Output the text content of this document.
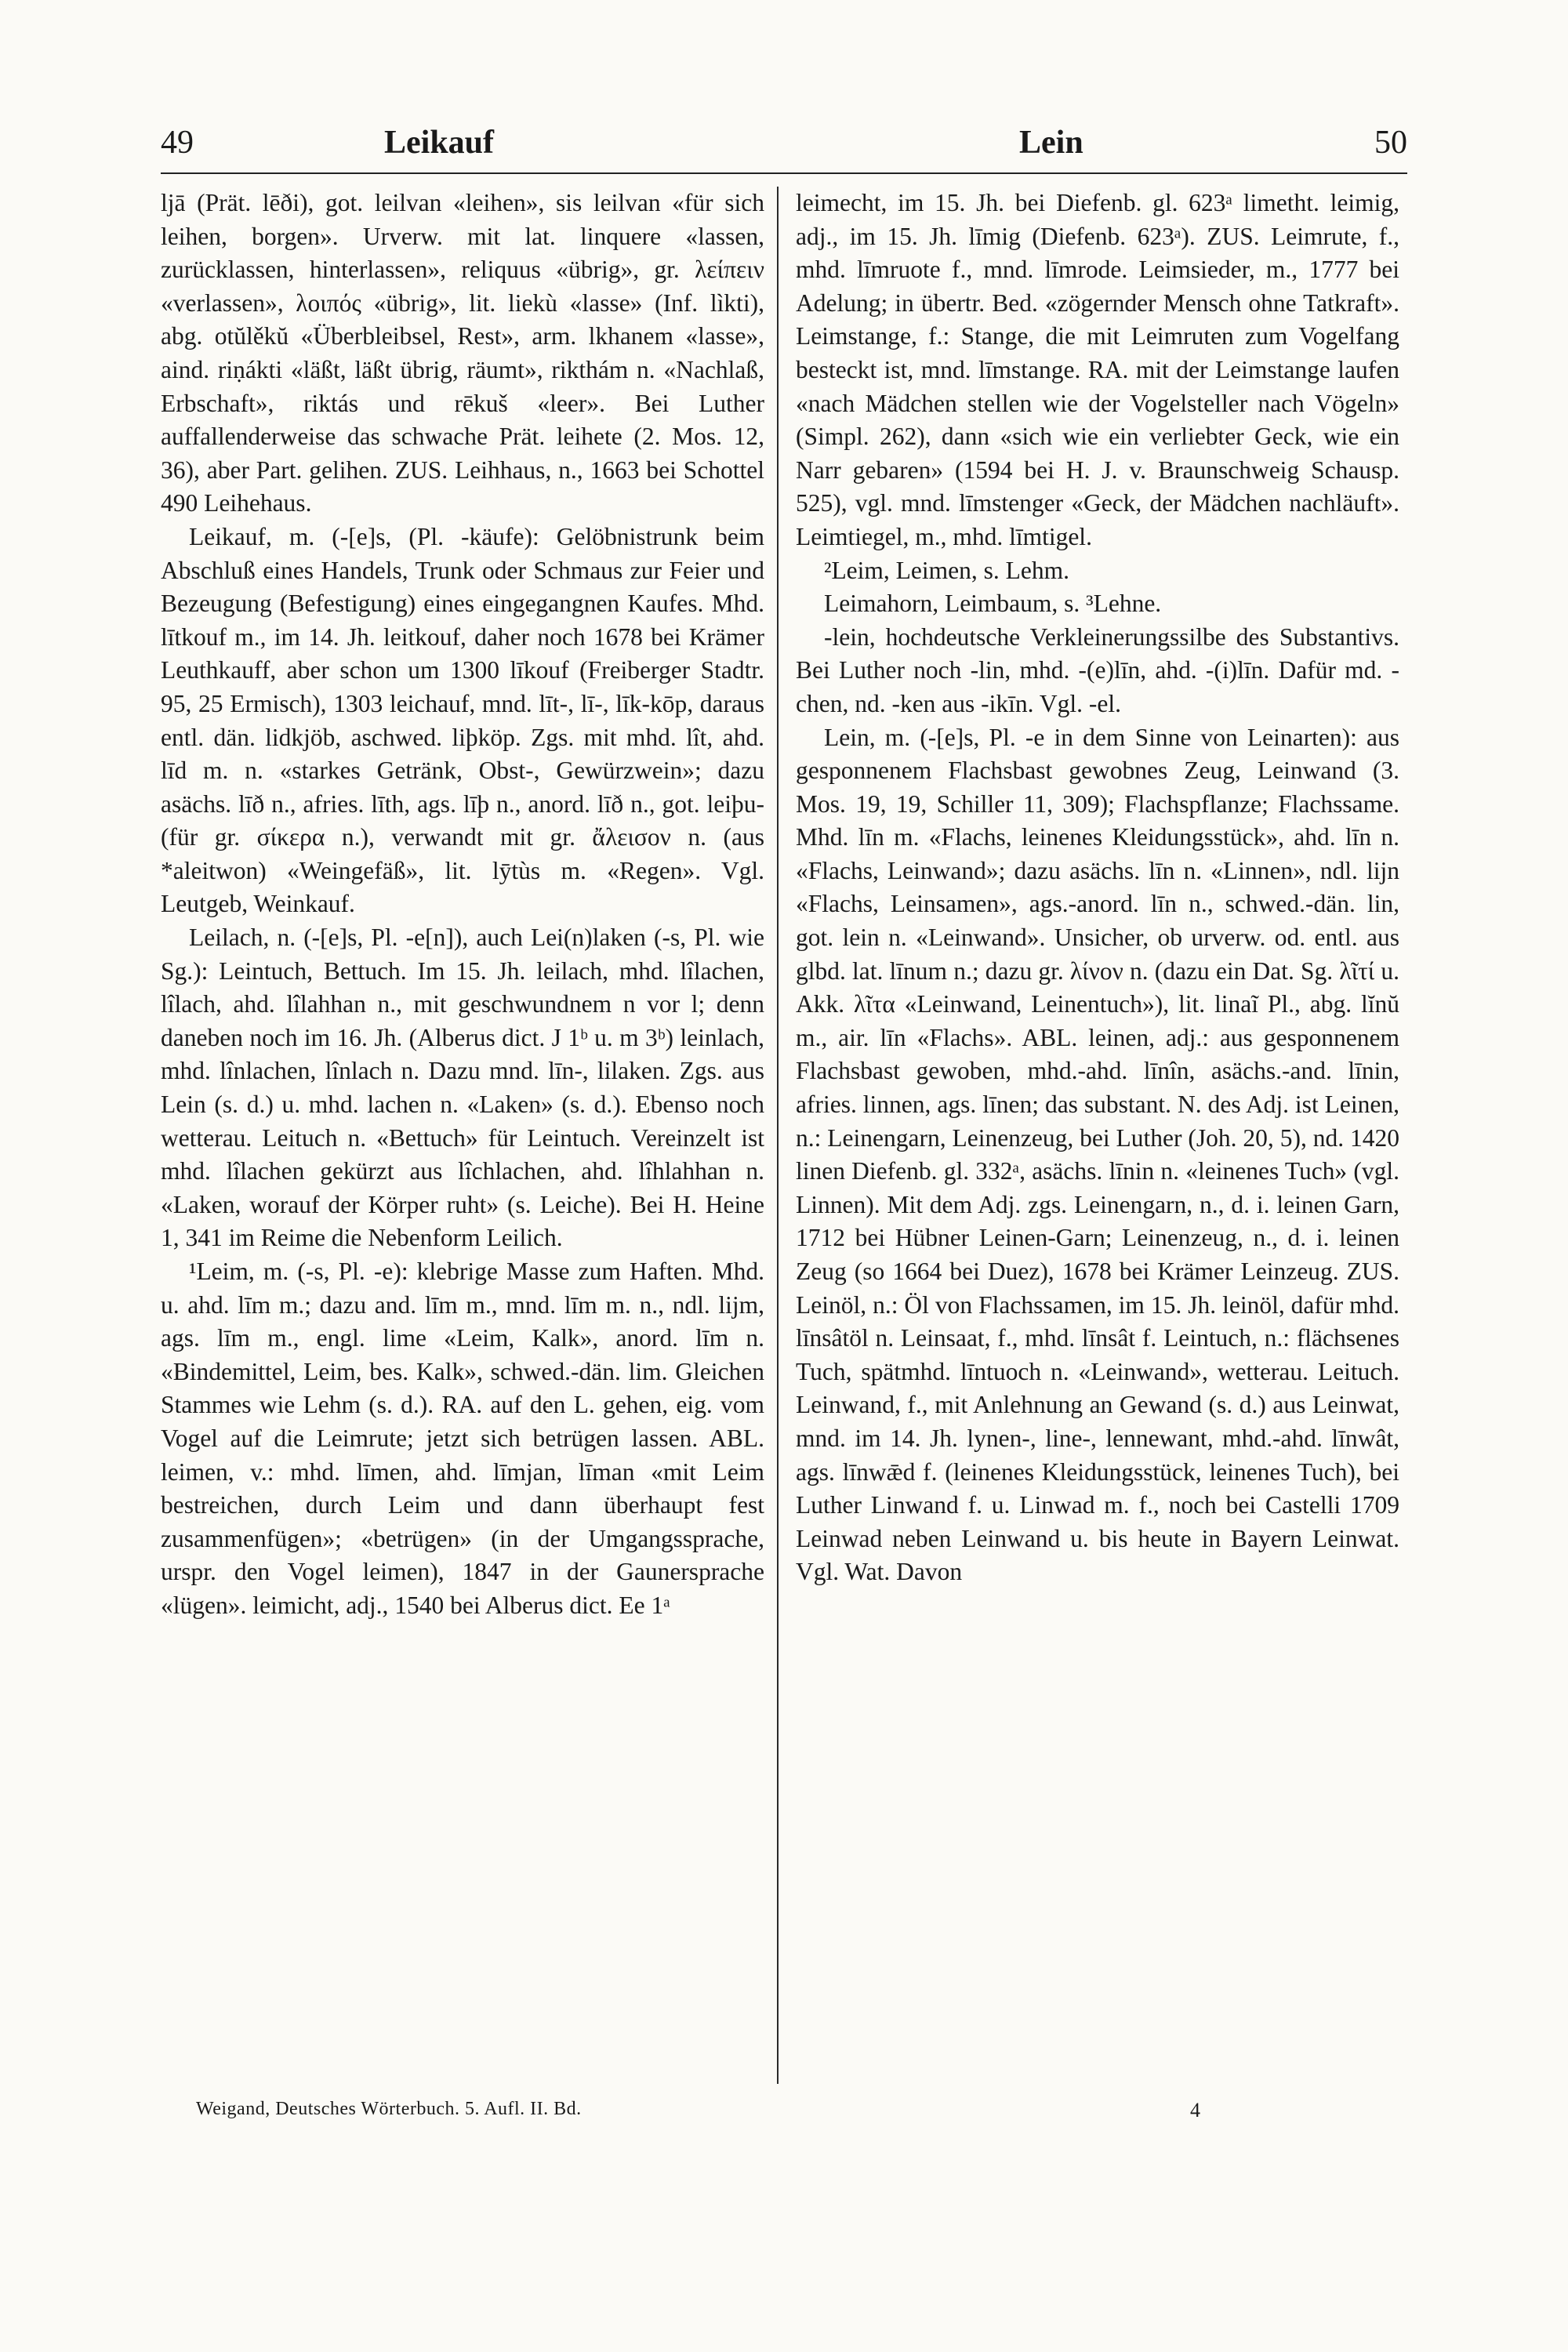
49	Leikauf	Lein	50

ljā (Prät. lēði), got. leilvan «leihen», sis leilvan «für sich leihen, borgen». Urverw. mit lat. linquere «lassen, zurücklassen, hinterlassen», reliquus «übrig», gr. λείπειν «verlassen», λοιπός «übrig», lit. liekù «lasse» (Inf. lìkti), abg. otŭlěkŭ «Überbleibsel, Rest», arm. lkhanem «lasse», aind. riṇákti «läßt, läßt übrig, räumt», rikthám n. «Nachlaß, Erbschaft», riktás und rēkuš «leer». Bei Luther auffallenderweise das schwache Prät. leihete (2. Mos. 12, 36), aber Part. gelihen. ZUS. Leihhaus, n., 1663 bei Schottel 490 Leihehaus.

Leikauf, m. (-[e]s, (Pl. -käufe): Gelöbnistrunk beim Abschluß eines Handels, Trunk oder Schmaus zur Feier und Bezeugung (Befestigung) eines eingegangnen Kaufes. Mhd. lītkouf m., im 14. Jh. leitkouf, daher noch 1678 bei Krämer Leuthkauff, aber schon um 1300 līkouf (Freiberger Stadtr. 95, 25 Ermisch), 1303 leichauf, mnd. līt-, lī-, līk-kōp, daraus entl. dän. lidkjöb, aschwed. liþköp. Zgs. mit mhd. lît, ahd. līd m. n. «starkes Getränk, Obst-, Gewürzwein»; dazu asächs. līð n., afries. līth, ags. līþ n., anord. līð n., got. leiþu- (für gr. σίκερα n.), verwandt mit gr. ἄλεισον n. (aus *aleitwon) «Weingefäß», lit. lȳtùs m. «Regen». Vgl. Leutgeb, Weinkauf.

Leilach, n. (-[e]s, Pl. -e[n]), auch Lei(n)laken (-s, Pl. wie Sg.): Leintuch, Bettuch. Im 15. Jh. leilach, mhd. lîlachen, lîlach, ahd. lîlahhan n., mit geschwundnem n vor l; denn daneben noch im 16. Jh. (Alberus dict. J 1ᵇ u. m 3ᵇ) leinlach, mhd. lînlachen, lînlach n. Dazu mnd. līn-, lilaken. Zgs. aus Lein (s. d.) u. mhd. lachen n. «Laken» (s. d.). Ebenso noch wetterau. Leituch n. «Bettuch» für Leintuch. Vereinzelt ist mhd. lîlachen gekürzt aus lîchlachen, ahd. lîhlahhan n. «Laken, worauf der Körper ruht» (s. Leiche). Bei H. Heine 1, 341 im Reime die Nebenform Leilich.

¹Leim, m. (-s, Pl. -e): klebrige Masse zum Haften. Mhd. u. ahd. līm m.; dazu and. līm m., mnd. līm m. n., ndl. lijm, ags. līm m., engl. lime «Leim, Kalk», anord. līm n. «Bindemittel, Leim, bes. Kalk», schwed.-dän. lim. Gleichen Stammes wie Lehm (s. d.). RA. auf den L. gehen, eig. vom Vogel auf die Leimrute; jetzt sich betrügen lassen. ABL. leimen, v.: mhd. līmen, ahd. līmjan, līman «mit Leim bestreichen, durch Leim und dann überhaupt fest zusammenfügen»; «betrügen» (in der Umgangssprache, urspr. den Vogel leimen), 1847 in der Gaunersprache «lügen». leimicht, adj., 1540 bei Alberus dict. Ee 1ᵃ

leimecht, im 15. Jh. bei Diefenb. gl. 623ᵃ limetht. leimig, adj., im 15. Jh. līmig (Diefenb. 623ᵃ). ZUS. Leimrute, f., mhd. līmruote f., mnd. līmrode. Leimsieder, m., 1777 bei Adelung; in übertr. Bed. «zögernder Mensch ohne Tatkraft». Leimstange, f.: Stange, die mit Leimruten zum Vogelfang besteckt ist, mnd. līmstange. RA. mit der Leimstange laufen «nach Mädchen stellen wie der Vogelsteller nach Vögeln» (Simpl. 262), dann «sich wie ein verliebter Geck, wie ein Narr gebaren» (1594 bei H. J. v. Braunschweig Schausp. 525), vgl. mnd. līmstenger «Geck, der Mädchen nachläuft». Leimtiegel, m., mhd. līmtigel.

²Leim, Leimen, s. Lehm.

Leimahorn, Leimbaum, s. ³Lehne.

-lein, hochdeutsche Verkleinerungssilbe des Substantivs. Bei Luther noch -lin, mhd. -(e)līn, ahd. -(i)līn. Dafür md. -chen, nd. -ken aus -ikīn. Vgl. -el.

Lein, m. (-[e]s, Pl. -e in dem Sinne von Leinarten): aus gesponnenem Flachsbast gewobnes Zeug, Leinwand (3. Mos. 19, 19, Schiller 11, 309); Flachspflanze; Flachssame. Mhd. līn m. «Flachs, leinenes Kleidungsstück», ahd. līn n. «Flachs, Leinwand»; dazu asächs. līn n. «Linnen», ndl. lijn «Flachs, Leinsamen», ags.-anord. līn n., schwed.-dän. lin, got. lein n. «Leinwand». Unsicher, ob urverw. od. entl. aus glbd. lat. līnum n.; dazu gr. λίνον n. (dazu ein Dat. Sg. λῖτί u. Akk. λῖτα «Leinwand, Leinentuch»), lit. linaĩ Pl., abg. lĭnŭ m., air. līn «Flachs». ABL. leinen, adj.: aus gesponnenem Flachsbast gewoben, mhd.-ahd. līnîn, asächs.-and. līnin, afries. linnen, ags. līnen; das substant. N. des Adj. ist Leinen, n.: Leinengarn, Leinenzeug, bei Luther (Joh. 20, 5), nd. 1420 linen Diefenb. gl. 332ᵃ, asächs. līnin n. «leinenes Tuch» (vgl. Linnen). Mit dem Adj. zgs. Leinengarn, n., d. i. leinen Garn, 1712 bei Hübner Leinen-Garn; Leinenzeug, n., d. i. leinen Zeug (so 1664 bei Duez), 1678 bei Krämer Leinzeug. ZUS. Leinöl, n.: Öl von Flachssamen, im 15. Jh. leinöl, dafür mhd. līnsâtöl n. Leinsaat, f., mhd. līnsât f. Leintuch, n.: flächsenes Tuch, spätmhd. līntuoch n. «Leinwand», wetterau. Leituch. Leinwand, f., mit Anlehnung an Gewand (s. d.) aus Leinwat, mnd. im 14. Jh. lynen-, line-, lennewant, mhd.-ahd. līnwât, ags. līnwǣd f. (leinenes Kleidungsstück, leinenes Tuch), bei Luther Linwand f. u. Linwad m. f., noch bei Castelli 1709 Leinwad neben Leinwand u. bis heute in Bayern Leinwat. Vgl. Wat. Davon

Weigand, Deutsches Wörterbuch. 5. Aufl. II. Bd.	4
